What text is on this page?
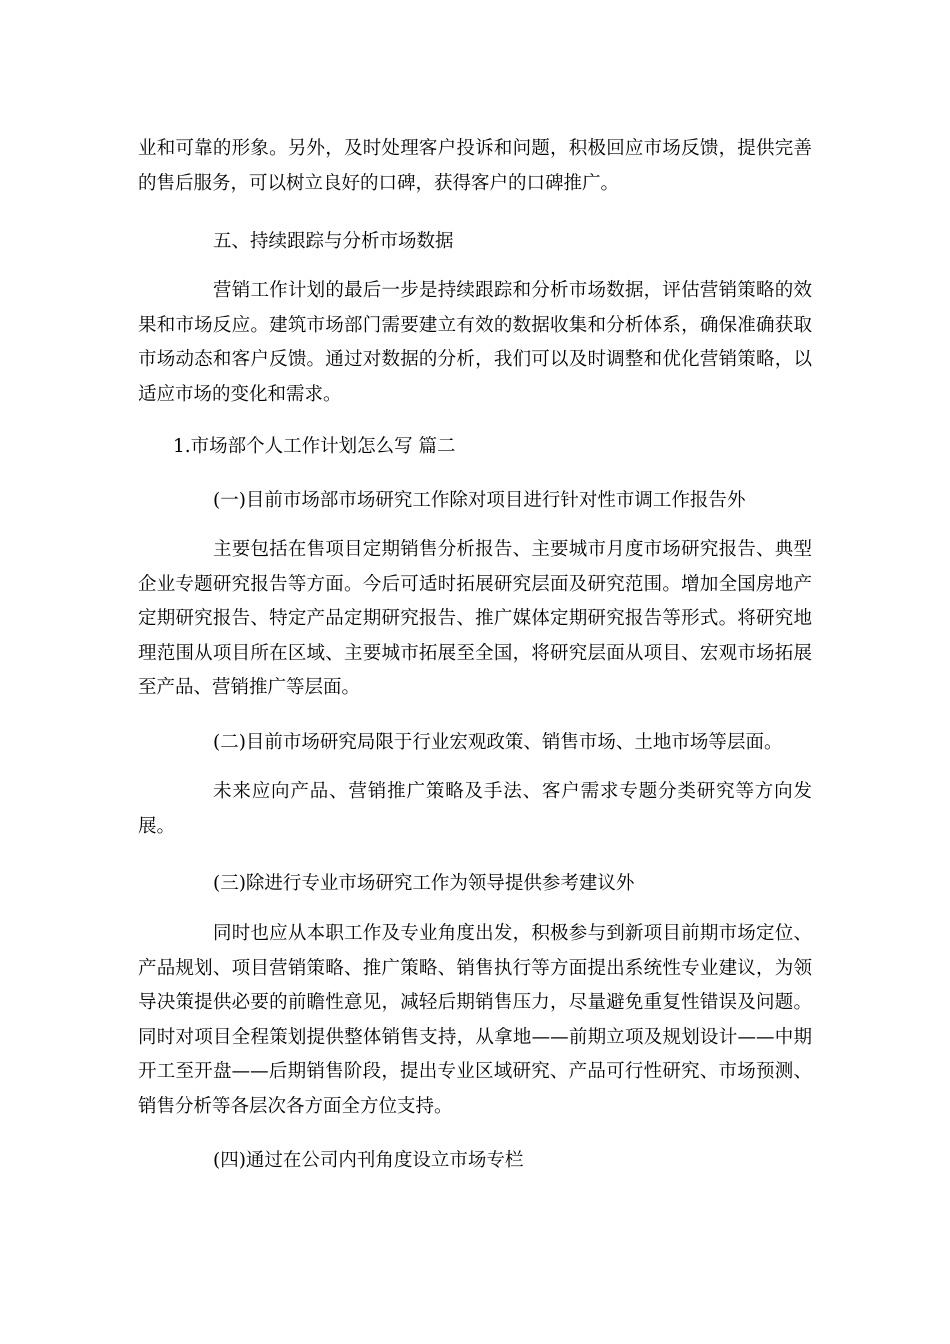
业和可靠的形象。另外，及时处理客户投诉和问题，积极回应市场反馈，提供完善的售后服务，可以树立良好的口碑，获得客户的口碑推广。

五、持续跟踪与分析市场数据

营销工作计划的最后一步是持续跟踪和分析市场数据，评估营销策略的效果和市场反应。建筑市场部门需要建立有效的数据收集和分析体系，确保准确获取市场动态和客户反馈。通过对数据的分析，我们可以及时调整和优化营销策略，以适应市场的变化和需求。

1.市场部个人工作计划怎么写 篇二

(一)目前市场部市场研究工作除对项目进行针对性市调工作报告外

主要包括在售项目定期销售分析报告、主要城市月度市场研究报告、典型企业专题研究报告等方面。今后可适时拓展研究层面及研究范围。增加全国房地产定期研究报告、特定产品定期研究报告、推广媒体定期研究报告等形式。将研究地理范围从项目所在区域、主要城市拓展至全国，将研究层面从项目、宏观市场拓展至产品、营销推广等层面。

(二)目前市场研究局限于行业宏观政策、销售市场、土地市场等层面。

未来应向产品、营销推广策略及手法、客户需求专题分类研究等方向发展。

(三)除进行专业市场研究工作为领导提供参考建议外

同时也应从本职工作及专业角度出发，积极参与到新项目前期市场定位、产品规划、项目营销策略、推广策略、销售执行等方面提出系统性专业建议，为领导决策提供必要的前瞻性意见，减轻后期销售压力，尽量避免重复性错误及问题。同时对项目全程策划提供整体销售支持，从拿地——前期立项及规划设计——中期开工至开盘——后期销售阶段，提出专业区域研究、产品可行性研究、市场预测、销售分析等各层次各方面全方位支持。

(四)通过在公司内刊角度设立市场专栏
